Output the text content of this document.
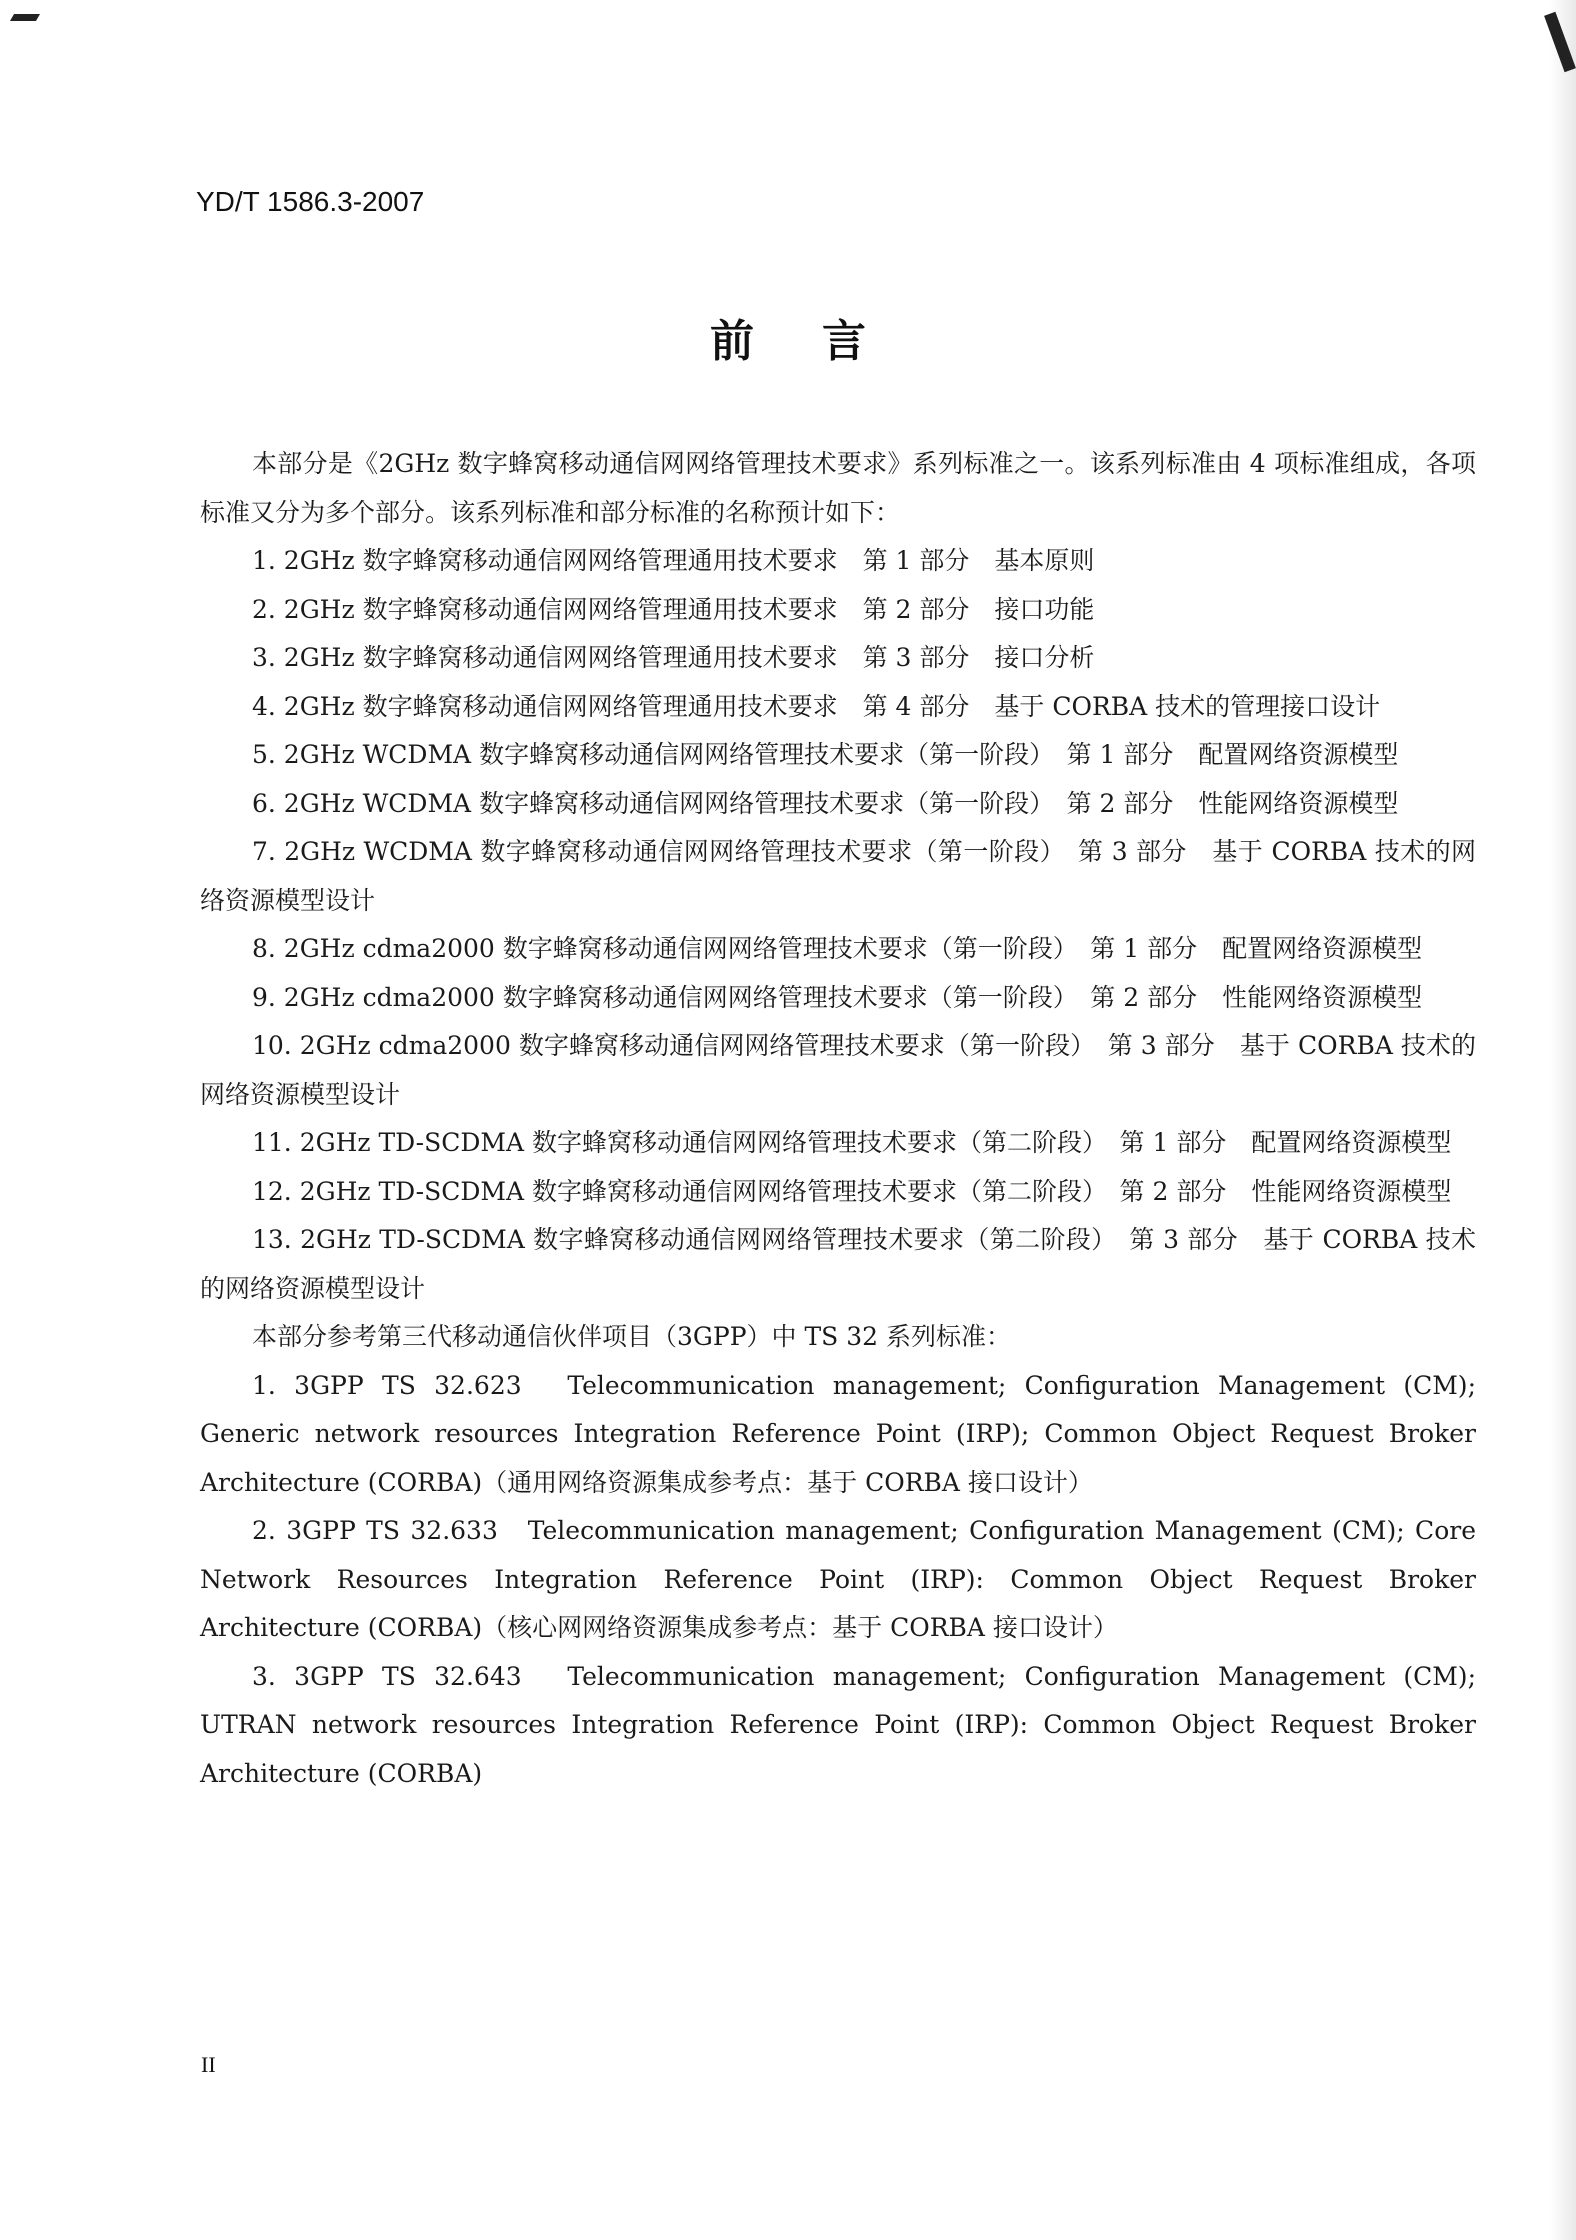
YD/T 1586.3-2007
前言

本部分是《2GHz 数字蜂窝移动通信网网络管理技术要求》系列标准之一。该系列标准由 4 项标准组成，各项标准又分为多个部分。该系列标准和部分标准的名称预计如下：

1. 2GHz 数字蜂窝移动通信网网络管理通用技术要求　第 1 部分　基本原则

2. 2GHz 数字蜂窝移动通信网网络管理通用技术要求　第 2 部分　接口功能

3. 2GHz 数字蜂窝移动通信网网络管理通用技术要求　第 3 部分　接口分析

4. 2GHz 数字蜂窝移动通信网网络管理通用技术要求　第 4 部分　基于 CORBA 技术的管理接口设计

5. 2GHz WCDMA 数字蜂窝移动通信网网络管理技术要求（第一阶段）　第 1 部分　配置网络资源模型

6. 2GHz WCDMA 数字蜂窝移动通信网网络管理技术要求（第一阶段）　第 2 部分　性能网络资源模型

7. 2GHz WCDMA 数字蜂窝移动通信网网络管理技术要求（第一阶段）　第 3 部分　基于 CORBA 技术的网络资源模型设计

8. 2GHz cdma2000 数字蜂窝移动通信网网络管理技术要求（第一阶段）　第 1 部分　配置网络资源模型

9. 2GHz cdma2000 数字蜂窝移动通信网网络管理技术要求（第一阶段）　第 2 部分　性能网络资源模型

10. 2GHz cdma2000 数字蜂窝移动通信网网络管理技术要求（第一阶段）　第 3 部分　基于 CORBA 技术的网络资源模型设计

11. 2GHz TD-SCDMA 数字蜂窝移动通信网网络管理技术要求（第二阶段）　第 1 部分　配置网络资源模型

12. 2GHz TD-SCDMA 数字蜂窝移动通信网网络管理技术要求（第二阶段）　第 2 部分　性能网络资源模型

13. 2GHz TD-SCDMA 数字蜂窝移动通信网网络管理技术要求（第二阶段）　第 3 部分　基于 CORBA 技术的网络资源模型设计

本部分参考第三代移动通信伙伴项目（3GPP）中 TS 32 系列标准：

1. 3GPP TS 32.623　Telecommunication management; Configuration Management (CM); Generic network resources Integration Reference Point (IRP); Common Object Request Broker Architecture (CORBA)（通用网络资源集成参考点：基于 CORBA 接口设计）

2. 3GPP TS 32.633　Telecommunication management; Configuration Management (CM); Core Network Resources Integration Reference Point (IRP): Common Object Request Broker Architecture (CORBA)（核心网网络资源集成参考点：基于 CORBA 接口设计）

3. 3GPP TS 32.643　Telecommunication management; Configuration Management (CM); UTRAN network resources Integration Reference Point (IRP): Common Object Request Broker Architecture (CORBA)

II
